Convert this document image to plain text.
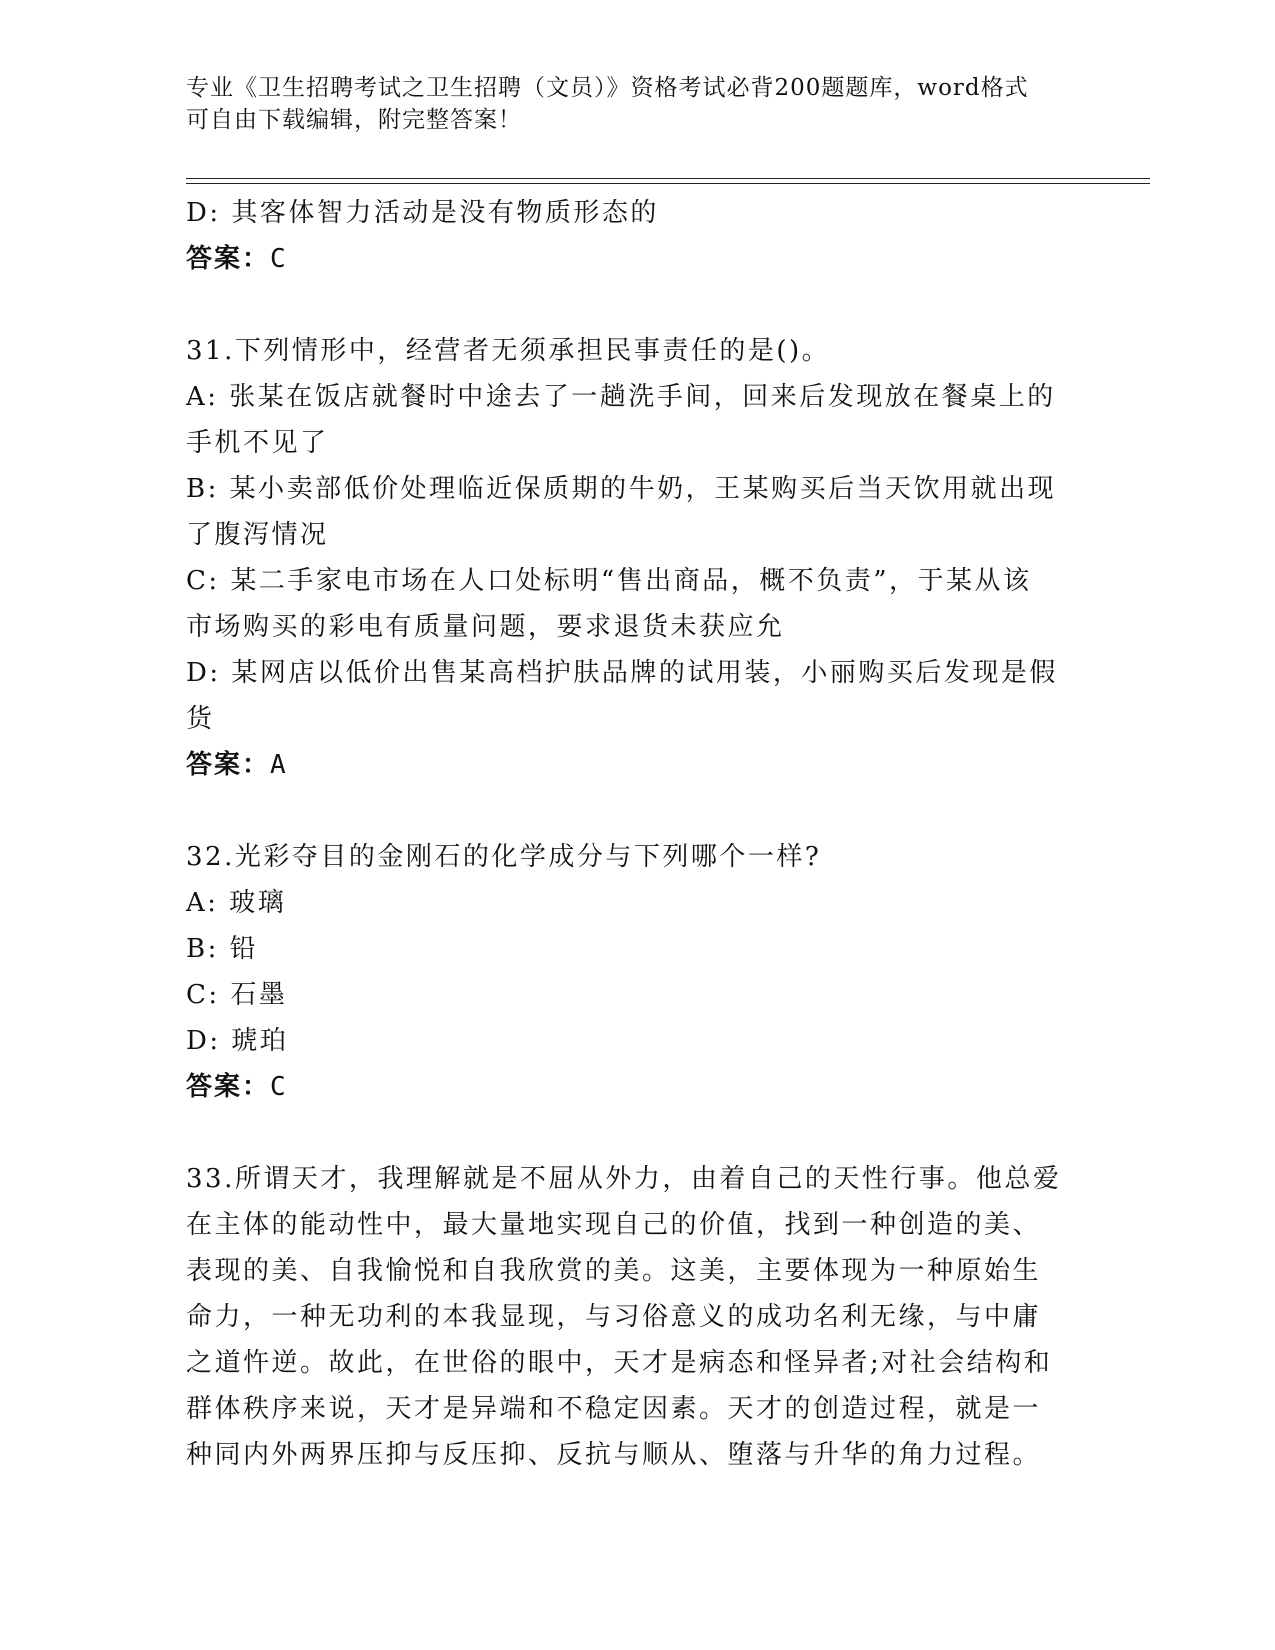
专业《卫生招聘考试之卫生招聘（文员）》资格考试必背200题题库，word格式
可自由下载编辑，附完整答案！
D: 其客体智力活动是没有物质形态的
答案：C
31.下列情形中，经营者无须承担民事责任的是()。
A: 张某在饭店就餐时中途去了一趟洗手间，回来后发现放在餐桌上的
手机不见了
B: 某小卖部低价处理临近保质期的牛奶，王某购买后当天饮用就出现
了腹泻情况
C: 某二手家电市场在人口处标明“售出商品，概不负责”，于某从该
市场购买的彩电有质量问题，要求退货未获应允
D: 某网店以低价出售某高档护肤品牌的试用装，小丽购买后发现是假
货
答案：A
32.光彩夺目的金刚石的化学成分与下列哪个一样?
A: 玻璃
B: 铅
C: 石墨
D: 琥珀
答案：C
33.所谓天才，我理解就是不屈从外力，由着自己的天性行事。他总爱
在主体的能动性中，最大量地实现自己的价值，找到一种创造的美、
表现的美、自我愉悦和自我欣赏的美。这美，主要体现为一种原始生
命力，一种无功利的本我显现，与习俗意义的成功名利无缘，与中庸
之道忤逆。故此，在世俗的眼中，天才是病态和怪异者;对社会结构和
群体秩序来说，天才是异端和不稳定因素。天才的创造过程，就是一
种同内外两界压抑与反压抑、反抗与顺从、堕落与升华的角力过程。
